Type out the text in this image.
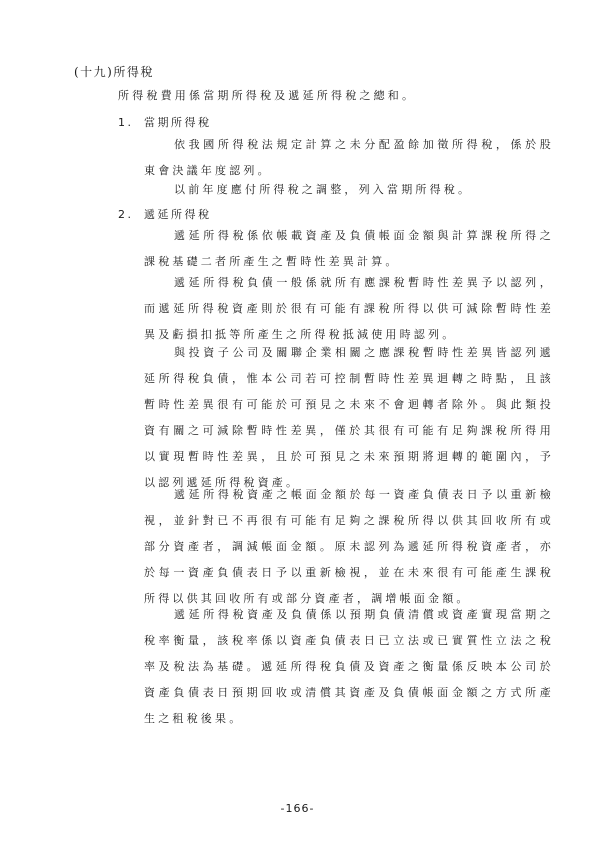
(十九)所得稅

所得稅費用係當期所得稅及遞延所得稅之總和。

1. 當期所得稅

依我國所得稅法規定計算之未分配盈餘加徵所得稅，係於股東會決議年度認列。

以前年度應付所得稅之調整，列入當期所得稅。

2. 遞延所得稅

遞延所得稅係依帳載資產及負債帳面金額與計算課稅所得之課稅基礎二者所產生之暫時性差異計算。

遞延所得稅負債一般係就所有應課稅暫時性差異予以認列，而遞延所得稅資產則於很有可能有課稅所得以供可減除暫時性差異及虧損扣抵等所產生之所得稅抵減使用時認列。

與投資子公司及關聯企業相關之應課稅暫時性差異皆認列遞延所得稅負債，惟本公司若可控制暫時性差異迴轉之時點，且該暫時性差異很有可能於可預見之未來不會迴轉者除外。與此類投資有關之可減除暫時性差異，僅於其很有可能有足夠課稅所得用以實現暫時性差異，且於可預見之未來預期將迴轉的範圍內，予以認列遞延所得稅資產。

遞延所得稅資產之帳面金額於每一資產負債表日予以重新檢視，並針對已不再很有可能有足夠之課稅所得以供其回收所有或部分資產者，調減帳面金額。原未認列為遞延所得稅資產者，亦於每一資產負債表日予以重新檢視，並在未來很有可能產生課稅所得以供其回收所有或部分資產者，調增帳面金額。

遞延所得稅資產及負債係以預期負債清償或資產實現當期之稅率衡量，該稅率係以資產負債表日已立法或已實質性立法之稅率及稅法為基礎。遞延所得稅負債及資產之衡量係反映本公司於資產負債表日預期回收或清償其資產及負債帳面金額之方式所產生之租稅後果。

-166-
